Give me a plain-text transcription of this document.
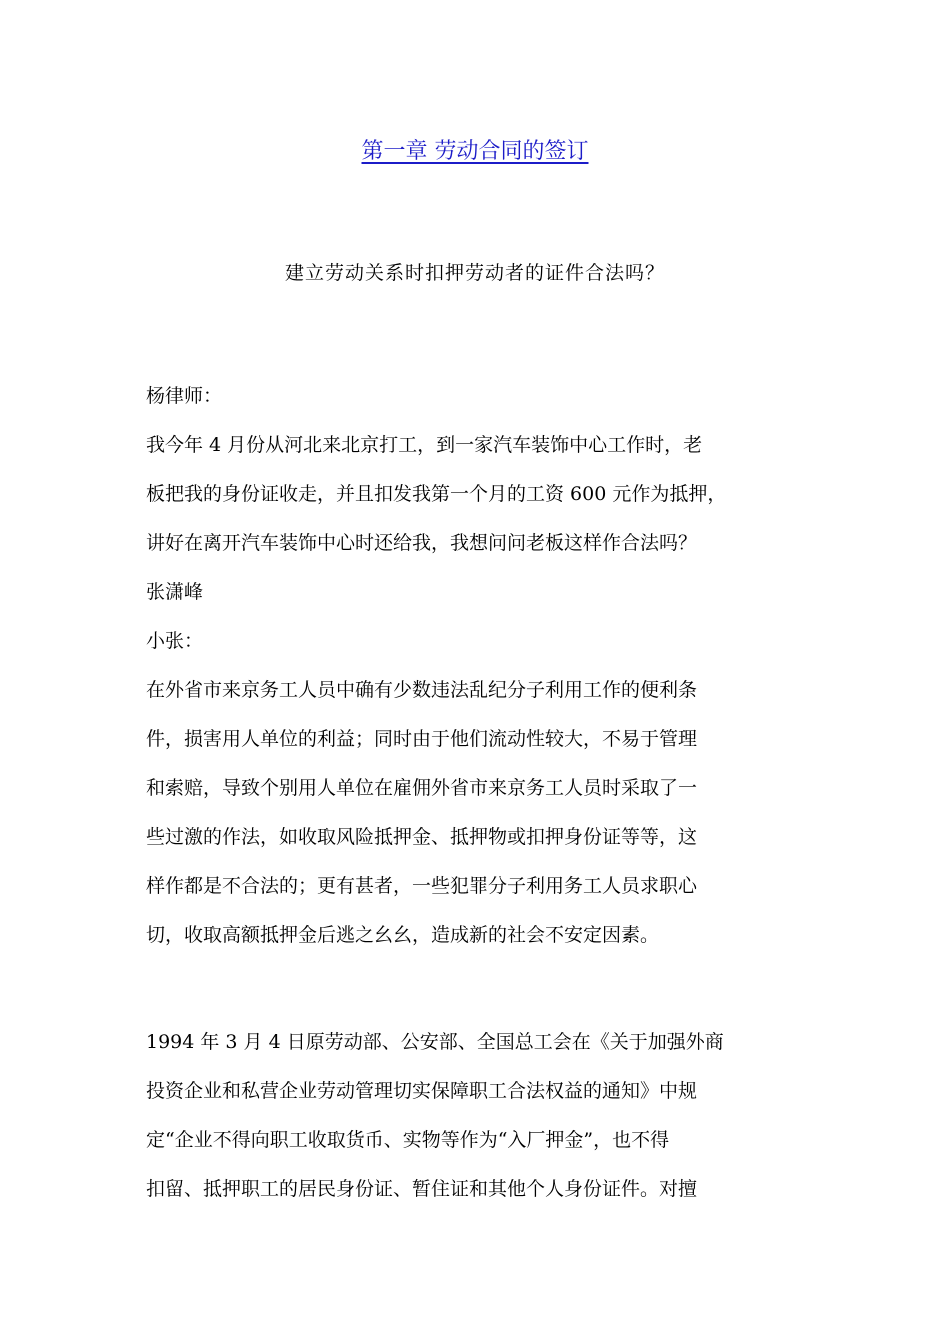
第一章 劳动合同的签订
建立劳动关系时扣押劳动者的证件合法吗？
杨律师：
我今年 4 月份从河北来北京打工，到一家汽车装饰中心工作时，老
板把我的身份证收走，并且扣发我第一个月的工资 600 元作为抵押，
讲好在离开汽车装饰中心时还给我，我想问问老板这样作合法吗？
张潇峰
小张：
在外省市来京务工人员中确有少数违法乱纪分子利用工作的便利条
件，损害用人单位的利益；同时由于他们流动性较大，不易于管理
和索赔，导致个别用人单位在雇佣外省市来京务工人员时采取了一
些过激的作法，如收取风险抵押金、抵押物或扣押身份证等等，这
样作都是不合法的；更有甚者，一些犯罪分子利用务工人员求职心
切，收取高额抵押金后逃之幺幺，造成新的社会不安定因素。
1994 年 3 月 4 日原劳动部、公安部、全国总工会在《关于加强外商
投资企业和私营企业劳动管理切实保障职工合法权益的通知》中规
定“企业不得向职工收取货币、实物等作为“入厂押金”，也不得
扣留、抵押职工的居民身份证、暂住证和其他个人身份证件。对擅
